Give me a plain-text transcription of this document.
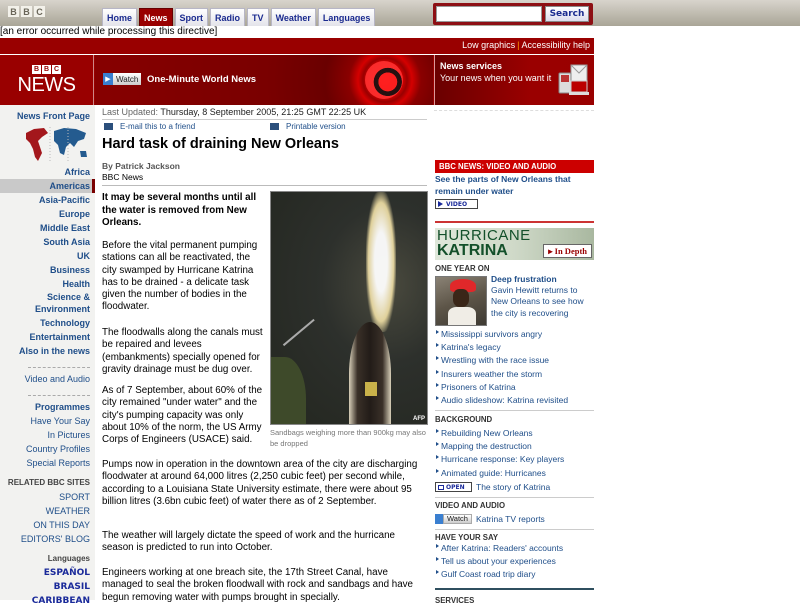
B B C
Home	News	Sport	Radio	TV	Weather	Languages	Search
[an error occurred while processing this directive]
Low graphics | Accessibility help
B B C
NEWS	▶ Watch One-Minute World News
News services
Your news when you want it
News Front Page
Africa
Americas
Asia-Pacific
Europe
Middle East
South Asia
UK
Business
Health
Science &
Environment
Technology
Entertainment
Also in the news
Video and Audio
Programmes
Have Your Say
In Pictures
Country Profiles
Special Reports
RELATED BBC SITES
SPORT
WEATHER
ON THIS DAY
EDITORS' BLOG
Languages
ESPAÑOL
BRASIL
CARIBBEAN
Last Updated: Thursday, 8 September 2005, 21:25 GMT 22:25 UK
E-mail this to a friend	Printable version
Hard task of draining New Orleans
By Patrick Jackson
BBC News

It may be several months until all the water is removed from New Orleans.

AFP
Sandbags weighing more than 900kg may also be dropped

Before the vital permanent pumping stations can all be reactivated, the city swamped by Hurricane Katrina has to be drained - a delicate task given the number of bodies in the floodwater.

The floodwalls along the canals must be repaired and levees (embankments) specially opened for gravity drainage must be dug over.

As of 7 September, about 60% of the city remained "under water" and the city's pumping capacity was only about 10% of the norm, the US Army Corps of Engineers (USACE) said.

Pumps now in operation in the downtown area of the city are discharging floodwater at around 64,000 litres (2,250 cubic feet) per second while, according to a Louisiana State University estimate, there were about 95 billion litres (3.6bn cubic feet) of water there as of 2 September.

The weather will largely dictate the speed of work and the hurricane season is predicted to run into October.

Engineers working at one breach site, the 17th Street Canal, have managed to seal the broken floodwall with rock and sandbags and have begun removing water with pumps brought in specially.

BBC NEWS: VIDEO AND AUDIO
See the parts of New Orleans that remain under water
VIDEO
HURRICANE
KATRINA	▸ In Depth
ONE YEAR ON
Deep frustration
Gavin Hewitt returns to New Orleans to see how the city is recovering
Mississippi survivors angry
Katrina's legacy
Wrestling with the race issue
Insurers weather the storm
Prisoners of Katrina
Audio slideshow: Katrina revisited
BACKGROUND
Rebuilding New Orleans
Mapping the destruction
Hurricane response: Key players
Animated guide: Hurricanes
OPEN The story of Katrina
VIDEO AND AUDIO
Watch Katrina TV reports
HAVE YOUR SAY
After Katrina: Readers' accounts
Tell us about your experiences
Gulf Coast road trip diary
SERVICES
